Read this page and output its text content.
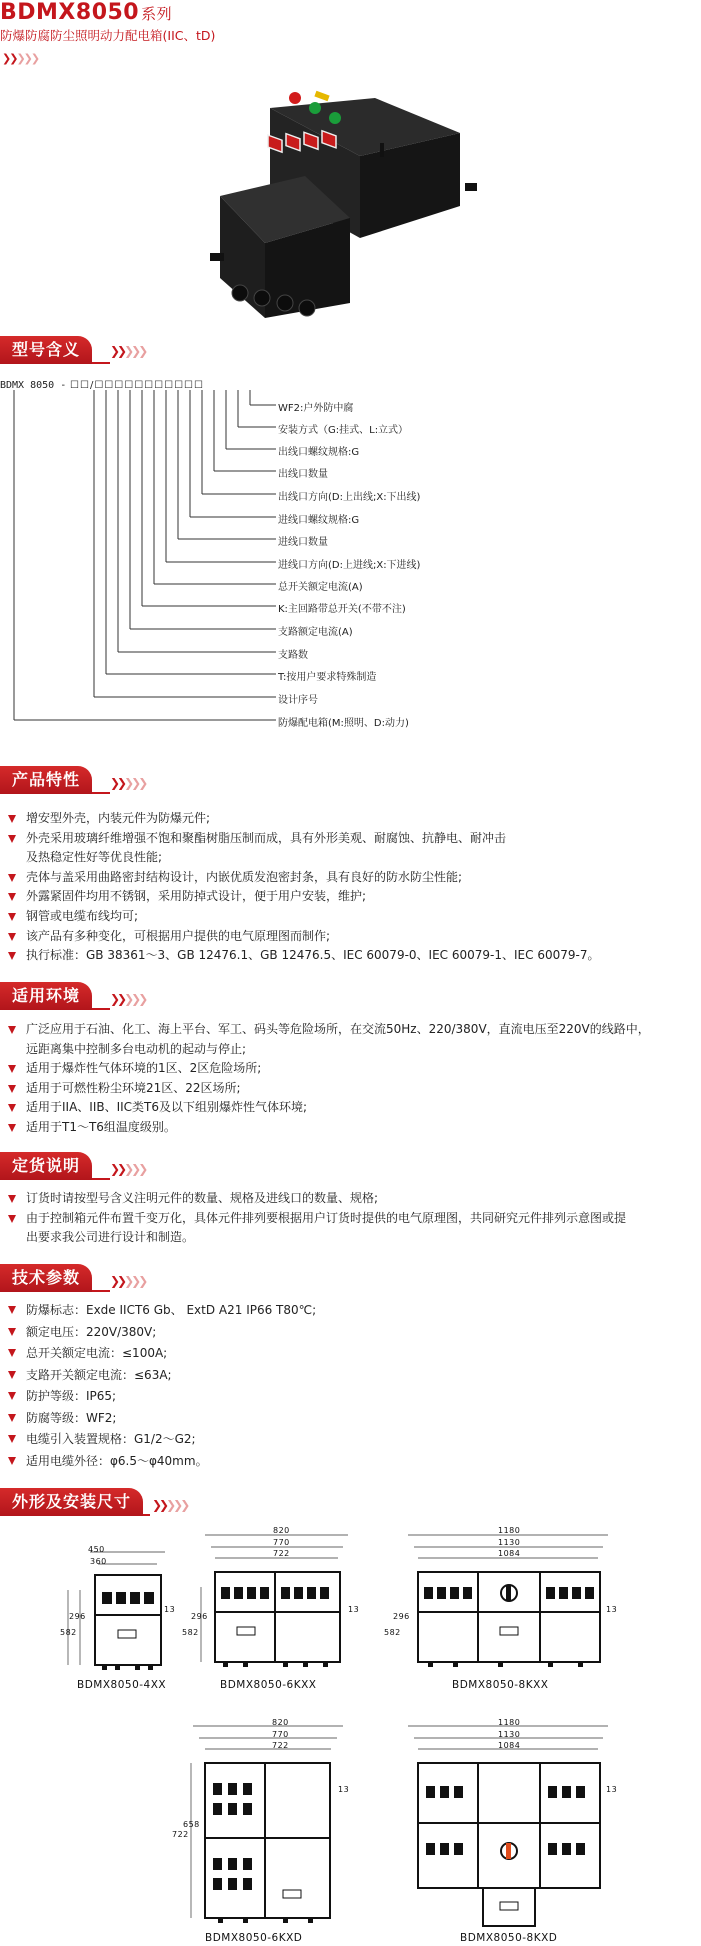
BDMX8050 系列
防爆防腐防尘照明动力配电箱(IIC、tD)
❯❯❯❯❯
型号含义	❯❯❯❯❯
BDMX 8050 - ☐☐/☐☐☐☐☐☐☐☐☐☐☐
WF2:户外防中腐
安装方式（G:挂式、L:立式）
出线口螺纹规格:G
出线口数量
出线口方向(D:上出线;X:下出线)
进线口螺纹规格:G
进线口数量
进线口方向(D:上进线;X:下进线)
总开关额定电流(A)
K:主回路带总开关(不带不注)
支路额定电流(A)
支路数
T:按用户要求特殊制造
设计序号
防爆配电箱(M:照明、D:动力)
产品特性	❯❯❯❯❯
增安型外壳，内装元件为防爆元件;
外壳采用玻璃纤维增强不饱和聚酯树脂压制而成，具有外形美观、耐腐蚀、抗静电、耐冲击
及热稳定性好等优良性能;
壳体与盖采用曲路密封结构设计，内嵌优质发泡密封条，具有良好的防水防尘性能;
外露紧固件均用不锈钢，采用防掉式设计，便于用户安装，维护;
钢管或电缆布线均可;
该产品有多种变化，可根据用户提供的电气原理图而制作;
执行标准：GB 38361～3、GB 12476.1、GB 12476.5、IEC 60079-0、IEC 60079-1、IEC 60079-7。
适用环境	❯❯❯❯❯
广泛应用于石油、化工、海上平台、军工、码头等危险场所，在交流50Hz、220/380V，直流电压至220V的线路中，
远距离集中控制多台电动机的起动与停止;
适用于爆炸性气体环境的1区、2区危险场所;
适用于可燃性粉尘环境21区、22区场所;
适用于IIA、IIB、IIC类T6及以下组别爆炸性气体环境;
适用于T1～T6组温度级别。
定货说明	❯❯❯❯❯
订货时请按型号含义注明元件的数量、规格及进线口的数量、规格;
由于控制箱元件布置千变万化，具体元件排列要根据用户订货时提供的电气原理图，共同研究元件排列示意图或提
出要求我公司进行设计和制造。
技术参数	❯❯❯❯❯
防爆标志：Exde IICT6 Gb、 ExtD A21 IP66 T80℃;
额定电压：220V/380V;
总开关额定电流：≤100A;
支路开关额定电流：≤63A;
防护等级：IP65;
防腐等级：WF2;
电缆引入装置规格：G1/2～G2;
适用电缆外径：φ6.5～φ40mm。
外形及安装尺寸	❯❯❯❯❯
450
360
296
582
13
BDMX8050-4XX
820
770
722
296
582
13
BDMX8050-6KXX
1180
1130
1084
296
582
13
BDMX8050-8KXX
820
770
722
722
658
13
BDMX8050-6KXD
1180
1130
1084
13
BDMX8050-8KXD
